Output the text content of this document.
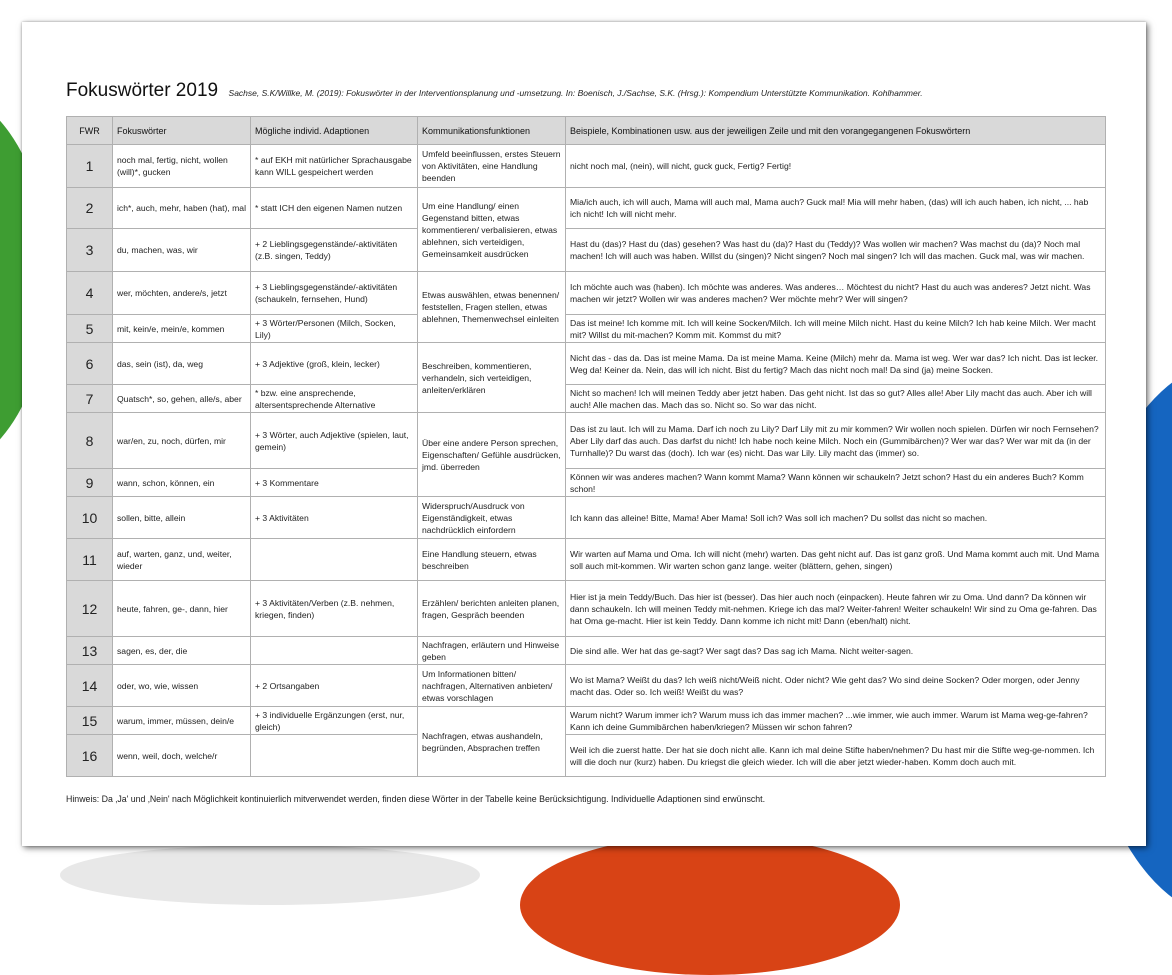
Fokuswörter 2019 Sachse, S.K/Willke, M. (2019): Fokuswörter in der Interventionsplanung und -umsetzung. In: Boenisch, J./Sachse, S.K. (Hrsg.): Kompendium Unterstützte Kommunikation. Kohlhammer.
FWR	Fokuswörter	Mögliche individ. Adaptionen	Kommunikationsfunktionen	Beispiele, Kombinationen usw. aus der jeweiligen Zeile und mit den vorangegangenen Fokuswörtern
1	noch mal, fertig, nicht, wollen (will)*, gucken	* auf EKH mit natürlicher Sprachausgabe kann WILL gespeichert werden	Umfeld beeinflussen, erstes Steuern von Aktivitäten, eine Handlung beenden	nicht noch mal, (nein), will nicht, guck guck, Fertig? Fertig!
2	ich*, auch, mehr, haben (hat), mal	* statt ICH den eigenen Namen nutzen	Um eine Handlung/ einen Gegenstand bitten, etwas kommentieren/ verbalisieren, etwas ablehnen, sich verteidigen, Gemeinsamkeit ausdrücken	Mia/ich auch, ich will auch, Mama will auch mal, Mama auch? Guck mal! Mia will mehr haben, (das) will ich auch haben, ich nicht, ... hab ich nicht! Ich will nicht mehr.
3	du, machen, was, wir	+ 2 Lieblingsgegenstände/-aktivitäten (z.B. singen, Teddy)		Hast du (das)? Hast du (das) gesehen? Was hast du (da)? Hast du (Teddy)? Was wollen wir machen? Was machst du (da)? Noch mal machen! Ich will auch was haben. Willst du (singen)? Nicht singen? Noch mal singen? Ich will das machen. Guck mal, was wir machen.
4	wer, möchten, andere/s, jetzt	+ 3 Lieblingsgegenstände/-aktivitäten (schaukeln, fernsehen, Hund)	Etwas auswählen, etwas benennen/ feststellen, Fragen stellen, etwas ablehnen, Themenwechsel einleiten	Ich möchte auch was (haben). Ich möchte was anderes. Was anderes… Möchtest du nicht? Hast du auch was anderes? Jetzt nicht. Was machen wir jetzt? Wollen wir was anderes machen? Wer möchte mehr? Wer will singen?
5	mit, kein/e, mein/e, kommen	+ 3 Wörter/Personen (Milch, Socken, Lily)		Das ist meine! Ich komme mit. Ich will keine Socken/Milch. Ich will meine Milch nicht. Hast du keine Milch? Ich hab keine Milch. Wer macht mit? Willst du mit-machen? Komm mit. Kommst du mit?
6	das, sein (ist), da, weg	+ 3 Adjektive (groß, klein, lecker)	Beschreiben, kommentieren, verhandeln, sich verteidigen, anleiten/erklären	Nicht das - das da. Das ist meine Mama. Da ist meine Mama. Keine (Milch) mehr da. Mama ist weg. Wer war das? Ich nicht. Das ist lecker. Weg da! Keiner da. Nein, das will ich nicht. Bist du fertig? Mach das nicht noch mal! Da sind (ja) meine Socken.
7	Quatsch*, so, gehen, alle/s, aber	* bzw. eine ansprechende, altersentsprechende Alternative		Nicht so machen! Ich will meinen Teddy aber jetzt haben. Das geht nicht. Ist das so gut? Alles alle! Aber Lily macht das auch. Aber ich will auch! Alle machen das. Mach das so. Nicht so. So war das nicht.
8	war/en, zu, noch, dürfen, mir	+ 3 Wörter, auch Adjektive (spielen, laut, gemein)	Über eine andere Person sprechen, Eigenschaften/ Gefühle ausdrücken, jmd. überreden	Das ist zu laut. Ich will zu Mama. Darf ich noch zu Lily? Darf Lily mit zu mir kommen? Wir wollen noch spielen. Dürfen wir noch Fernsehen? Aber Lily darf das auch. Das darfst du nicht! Ich habe noch keine Milch. Noch ein (Gummibärchen)? Wer war das? Wer war mit da (in der Turnhalle)? Du warst das (doch). Ich war (es) nicht. Das war Lily. Lily macht das (immer) so.
9	wann, schon, können, ein	+ 3 Kommentare		Können wir was anderes machen? Wann kommt Mama? Wann können wir schaukeln? Jetzt schon? Hast du ein anderes Buch? Komm schon!
10	sollen, bitte, allein	+ 3 Aktivitäten	Widerspruch/Ausdruck von Eigenständigkeit, etwas nachdrücklich einfordern	Ich kann das alleine! Bitte, Mama! Aber Mama! Soll ich? Was soll ich machen? Du sollst das nicht so machen.
11	auf, warten, ganz, und, weiter, wieder		Eine Handlung steuern, etwas beschreiben	Wir warten auf Mama und Oma. Ich will nicht (mehr) warten. Das geht nicht auf. Das ist ganz groß. Und Mama kommt auch mit. Und Mama soll auch mit-kommen. Wir warten schon ganz lange. weiter (blättern, gehen, singen)
12	heute, fahren, ge-, dann, hier	+ 3 Aktivitäten/Verben (z.B. nehmen, kriegen, finden)	Erzählen/ berichten anleiten planen, fragen, Gespräch beenden	Hier ist ja mein Teddy/Buch. Das hier ist (besser). Das hier auch noch (einpacken). Heute fahren wir zu Oma. Und dann? Da können wir dann schaukeln. Ich will meinen Teddy mit-nehmen. Kriege ich das mal? Weiter-fahren! Weiter schaukeln! Wir sind zu Oma ge-fahren. Das hat Oma ge-macht. Hier ist kein Teddy. Dann komme ich nicht mit! Dann (eben/halt) nicht.
13	sagen, es, der, die		Nachfragen, erläutern und Hinweise geben	Die sind alle. Wer hat das ge-sagt? Wer sagt das? Das sag ich Mama. Nicht weiter-sagen.
14	oder, wo, wie, wissen	+ 2 Ortsangaben	Um Informationen bitten/ nachfragen, Alternativen anbieten/ etwas vorschlagen	Wo ist Mama? Weißt du das? Ich weiß nicht/Weiß nicht. Oder nicht? Wie geht das? Wo sind deine Socken? Oder morgen, oder Jenny macht das. Oder so. Ich weiß! Weißt du was?
15	warum, immer, müssen, dein/e	+ 3 individuelle Ergänzungen (erst, nur, gleich)	Nachfragen, etwas aushandeln, begründen, Absprachen treffen	Warum nicht? Warum immer ich? Warum muss ich das immer machen? ...wie immer, wie auch immer. Warum ist Mama weg-ge-fahren? Kann ich deine Gummibärchen haben/kriegen? Müssen wir schon fahren?
16	wenn, weil, doch, welche/r			Weil ich die zuerst hatte. Der hat sie doch nicht alle. Kann ich mal deine Stifte haben/nehmen? Du hast mir die Stifte weg-ge-nommen. Ich will die doch nur (kurz) haben. Du kriegst die gleich wieder. Ich will die aber jetzt wieder-haben. Komm doch auch mit.
Hinweis: Da ‚Ja' und ‚Nein' nach Möglichkeit kontinuierlich mitverwendet werden, finden diese Wörter in der Tabelle keine Berücksichtigung. Individuelle Adaptionen sind erwünscht.
